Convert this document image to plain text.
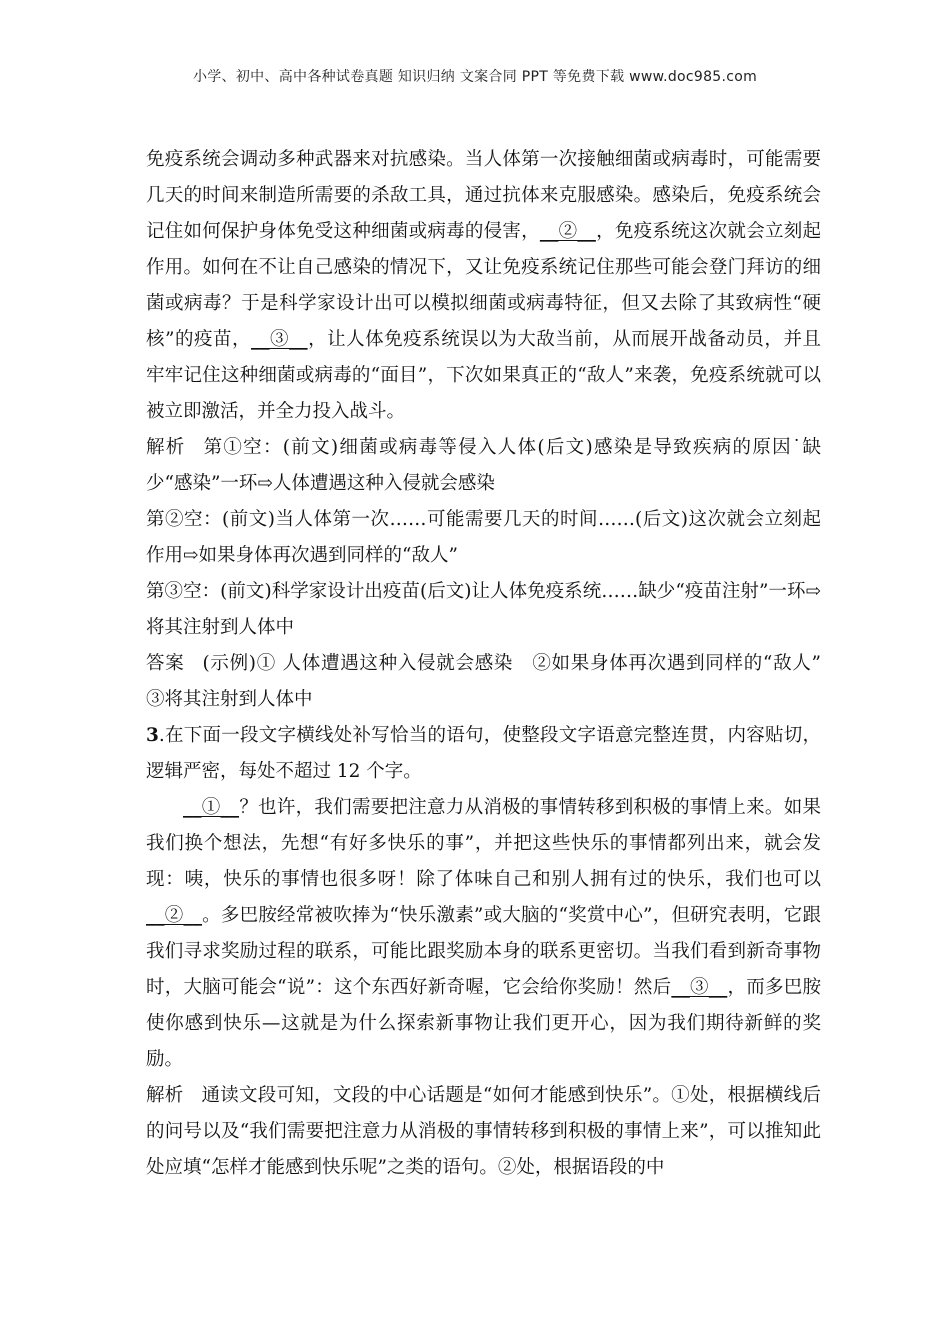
小学、初中、高中各种试卷真题 知识归纳 文案合同 PPT 等免费下载 www.doc985.com

免疫系统会调动多种武器来对抗感染。当人体第一次接触细菌或病毒时，可能需要几天的时间来制造所需要的杀敌工具，通过抗体来克服感染。感染后，免疫系统会记住如何保护身体免受这种细菌或病毒的侵害，__②__，免疫系统这次就会立刻起作用。如何在不让自己感染的情况下，又让免疫系统记住那些可能会登门拜访的细菌或病毒？于是科学家设计出可以模拟细菌或病毒特征，但又去除了其致病性“硬核”的疫苗，__③__，让人体免疫系统误以为大敌当前，从而展开战备动员，并且牢牢记住这种细菌或病毒的“面目”，下次如果真正的“敌人”来袭，免疫系统就可以被立即激活，并全力投入战斗。

解析 第①空：(前文)细菌或病毒等侵入人体(后文)感染是导致疾病的原因˙缺少“感染”一环⇨人体遭遇这种入侵就会感染

第②空：(前文)当人体第一次……可能需要几天的时间……(后文)这次就会立刻起作用⇨如果身体再次遇到同样的“敌人”

第③空：(前文)科学家设计出疫苗(后文)让人体免疫系统……缺少“疫苗注射”一环⇨将其注射到人体中

答案 (示例)① 人体遭遇这种入侵就会感染　②如果身体再次遇到同样的“敌人”　③将其注射到人体中

3.在下面一段文字横线处补写恰当的语句，使整段文字语意完整连贯，内容贴切，逻辑严密，每处不超过 12 个字。

__①__？也许，我们需要把注意力从消极的事情转移到积极的事情上来。如果我们换个想法，先想“有好多快乐的事”，并把这些快乐的事情都列出来，就会发现：咦，快乐的事情也很多呀！除了体味自己和别人拥有过的快乐，我们也可以__②__。多巴胺经常被吹捧为“快乐激素”或大脑的“奖赏中心”，但研究表明，它跟我们寻求奖励过程的联系，可能比跟奖励本身的联系更密切。当我们看到新奇事物时，大脑可能会“说”：这个东西好新奇喔，它会给你奖励！然后__③__，而多巴胺使你感到快乐—这就是为什么探索新事物让我们更开心，因为我们期待新鲜的奖励。

解析 通读文段可知，文段的中心话题是“如何才能感到快乐”。①处，根据横线后的问号以及“我们需要把注意力从消极的事情转移到积极的事情上来”，可以推知此处应填“怎样才能感到快乐呢”之类的语句。②处，根据语段的中
